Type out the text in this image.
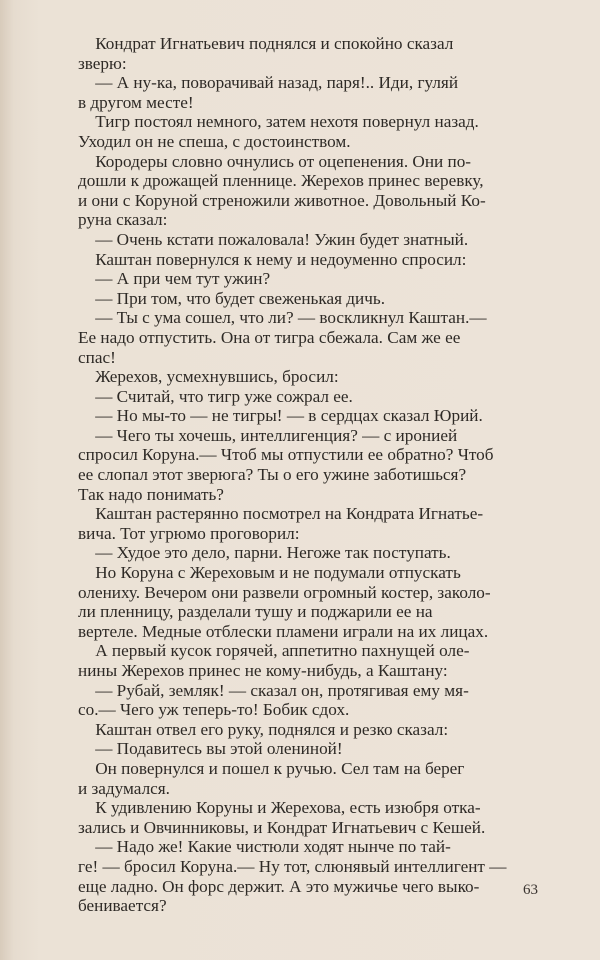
 Кондрат Игнатьевич поднялся и спокойно сказал
зверю:
 — А ну-ка, поворачивай назад, паря!.. Иди, гуляй
в другом месте!
 Тигр постоял немного, затем нехотя повернул назад.
Уходил он не спеша, с достоинством.
 Кородеры словно очнулись от оцепенения. Они по-
дошли к дрожащей пленнице. Жерехов принес веревку,
и они с Коруной стреножили животное. Довольный Ко-
руна сказал:
 — Очень кстати пожаловала! Ужин будет знатный.
 Каштан повернулся к нему и недоуменно спросил:
 — А при чем тут ужин?
 — При том, что будет свеженькая дичь.
 — Ты с ума сошел, что ли? — воскликнул Каштан.—
Ее надо отпустить. Она от тигра сбежала. Сам же ее
спас!
 Жерехов, усмехнувшись, бросил:
 — Считай, что тигр уже сожрал ее.
 — Но мы-то — не тигры! — в сердцах сказал Юрий.
 — Чего ты хочешь, интеллигенция? — с иронией
спросил Коруна.— Чтоб мы отпустили ее обратно? Чтоб
ее слопал этот зверюга? Ты о его ужине заботишься?
Так надо понимать?
 Каштан растерянно посмотрел на Кондрата Игнатье-
вича. Тот угрюмо проговорил:
 — Худое это дело, парни. Негоже так поступать.
 Но Коруна с Жереховым и не подумали отпускать
олениху. Вечером они развели огромный костер, заколо-
ли пленницу, разделали тушу и поджарили ее на
вертеле. Медные отблески пламени играли на их лицах.
 А первый кусок горячей, аппетитно пахнущей оле-
нины Жерехов принес не кому-нибудь, а Каштану:
 — Рубай, земляк! — сказал он, протягивая ему мя-
со.— Чего уж теперь-то! Бобик сдох.
 Каштан отвел его руку, поднялся и резко сказал:
 — Подавитесь вы этой олениной!
 Он повернулся и пошел к ручью. Сел там на берег
и задумался.
 К удивлению Коруны и Жерехова, есть изюбря отка-
зались и Овчинниковы, и Кондрат Игнатьевич с Кешей.
 — Надо же! Какие чистюли ходят нынче по тай-
ге! — бросил Коруна.— Ну тот, слюнявый интеллигент —
еще ладно. Он форс держит. А это мужичье чего выко-
бенивается?
63
